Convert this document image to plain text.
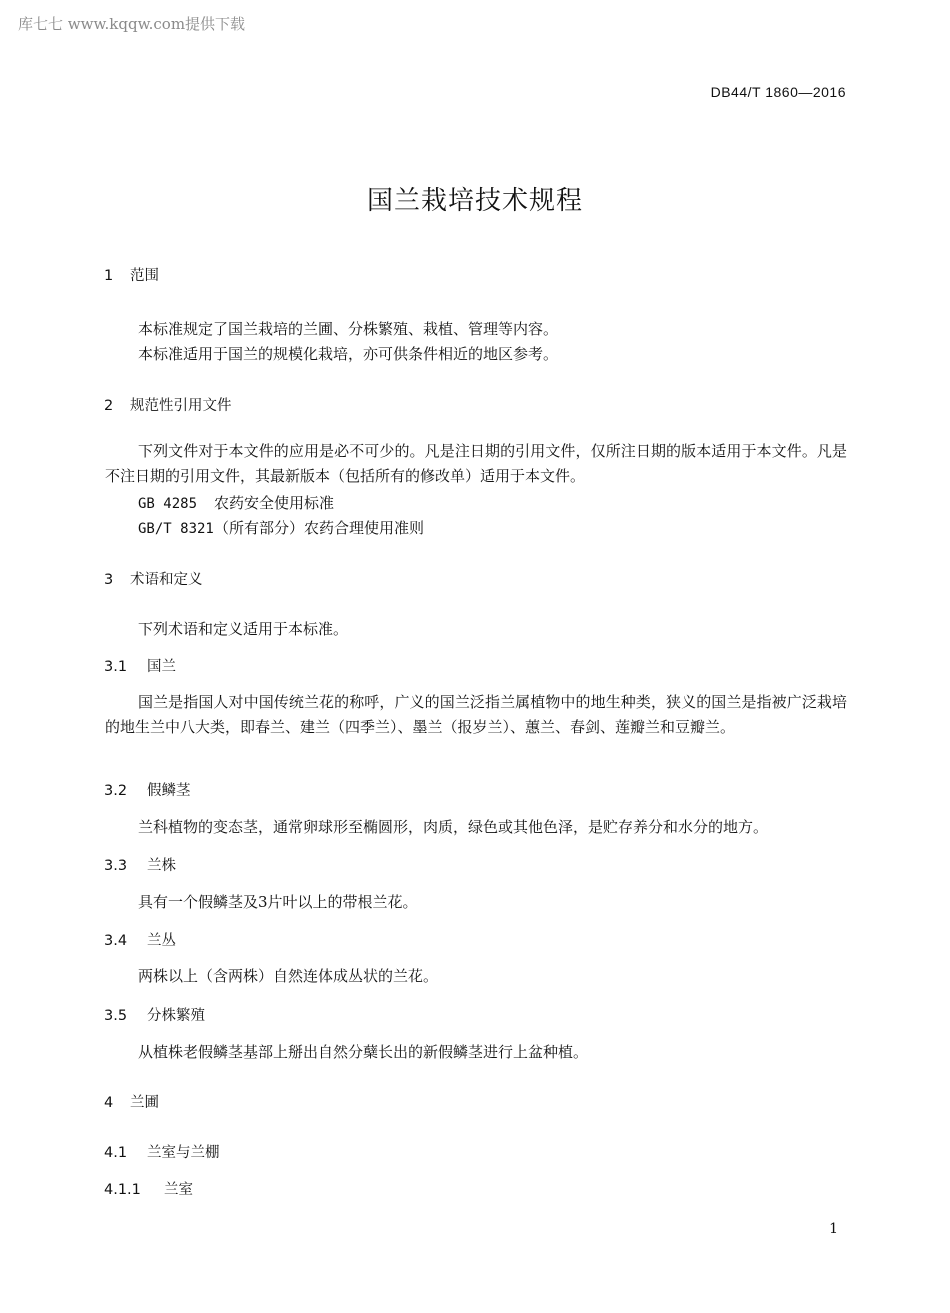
库七七 www.kqqw.com提供下载
DB44/T 1860—2016
国兰栽培技术规程
1 范围
本标准规定了国兰栽培的兰圃、分株繁殖、栽植、管理等内容。
本标准适用于国兰的规模化栽培，亦可供条件相近的地区参考。
2 规范性引用文件
下列文件对于本文件的应用是必不可少的。凡是注日期的引用文件，仅所注日期的版本适用于本文件。凡是不注日期的引用文件，其最新版本（包括所有的修改单）适用于本文件。
GB 4285 农药安全使用标准
GB/T 8321（所有部分）农药合理使用准则
3 术语和定义
下列术语和定义适用于本标准。
3.1 国兰
国兰是指国人对中国传统兰花的称呼，广义的国兰泛指兰属植物中的地生种类，狭义的国兰是指被广泛栽培的地生兰中八大类，即春兰、建兰（四季兰）、墨兰（报岁兰）、蕙兰、春剑、莲瓣兰和豆瓣兰。
3.2 假鳞茎
兰科植物的变态茎，通常卵球形至椭圆形，肉质，绿色或其他色泽，是贮存养分和水分的地方。
3.3 兰株
具有一个假鳞茎及3片叶以上的带根兰花。
3.4 兰丛
两株以上（含两株）自然连体成丛状的兰花。
3.5 分株繁殖
从植株老假鳞茎基部上掰出自然分蘖长出的新假鳞茎进行上盆种植。
4 兰圃
4.1 兰室与兰棚
4.1.1 兰室
1
